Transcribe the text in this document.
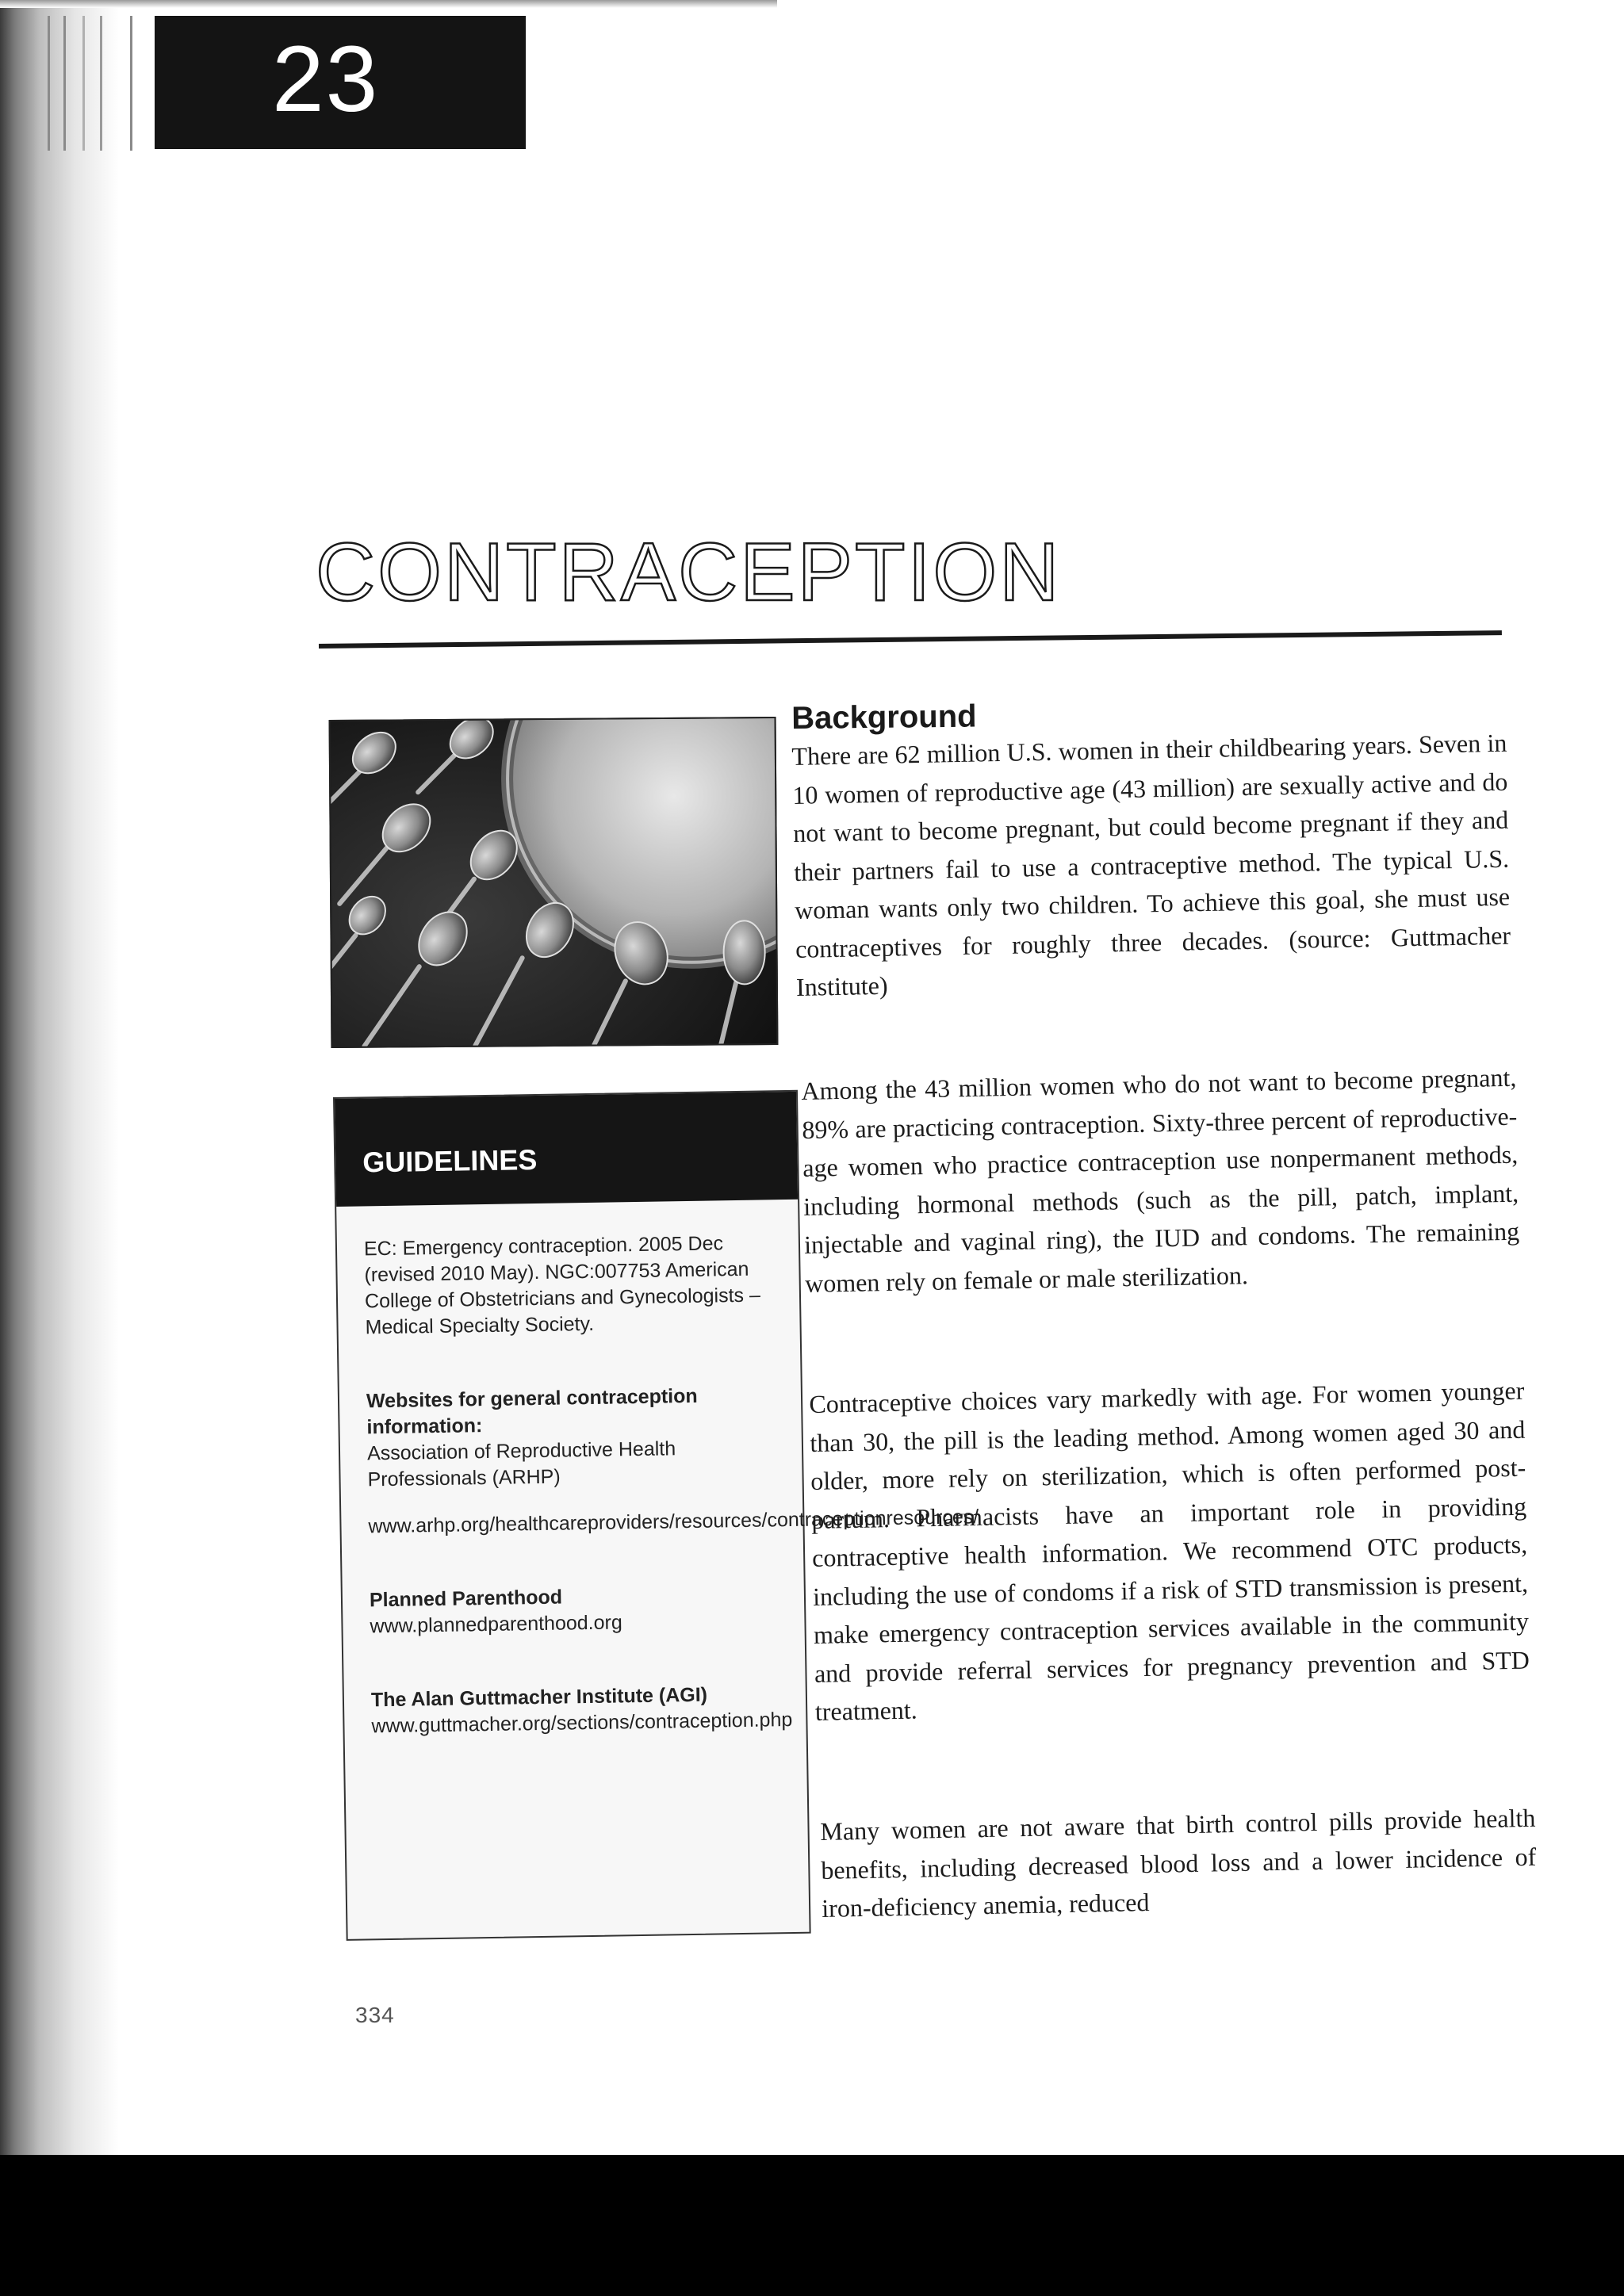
23
CONTRACEPTION
GUIDELINES

EC: Emergency contraception. 2005 Dec (revised 2010 May). NGC:007753 American College of Obstetricians and Gynecologists – Medical Specialty Society.

Websites for general contraception information:

Association of Reproductive Health Professionals (ARHP)

www.arhp.org/healthcareproviders/resources/contraceptionresources/

Planned Parenthood

www.plannedparenthood.org

The Alan Guttmacher Institute (AGI)

www.guttmacher.org/sections/contraception.php

Background

There are 62 million U.S. women in their childbearing years. Seven in 10 women of reproductive age (43 million) are sexually active and do not want to become pregnant, but could become pregnant if they and their partners fail to use a contraceptive method. The typical U.S. woman wants only two children. To achieve this goal, she must use contraceptives for roughly three decades. (source: Guttmacher Institute)

Among the 43 million women who do not want to become pregnant, 89% are practicing contraception. Sixty-three percent of reproductive-age women who practice contraception use nonpermanent methods, including hormonal methods (such as the pill, patch, implant, injectable and vaginal ring), the IUD and condoms. The remaining women rely on female or male sterilization.

Contraceptive choices vary markedly with age. For women younger than 30, the pill is the leading method. Among women aged 30 and older, more rely on sterilization, which is often performed post-partum. Pharmacists have an important role in providing contraceptive health information. We recommend OTC products, including the use of condoms if a risk of STD transmission is present, make emergency contraception services available in the community and provide referral services for pregnancy prevention and STD treatment.

Many women are not aware that birth control pills provide health benefits, including decreased blood loss and a lower incidence of iron-deficiency anemia, reduced

334
